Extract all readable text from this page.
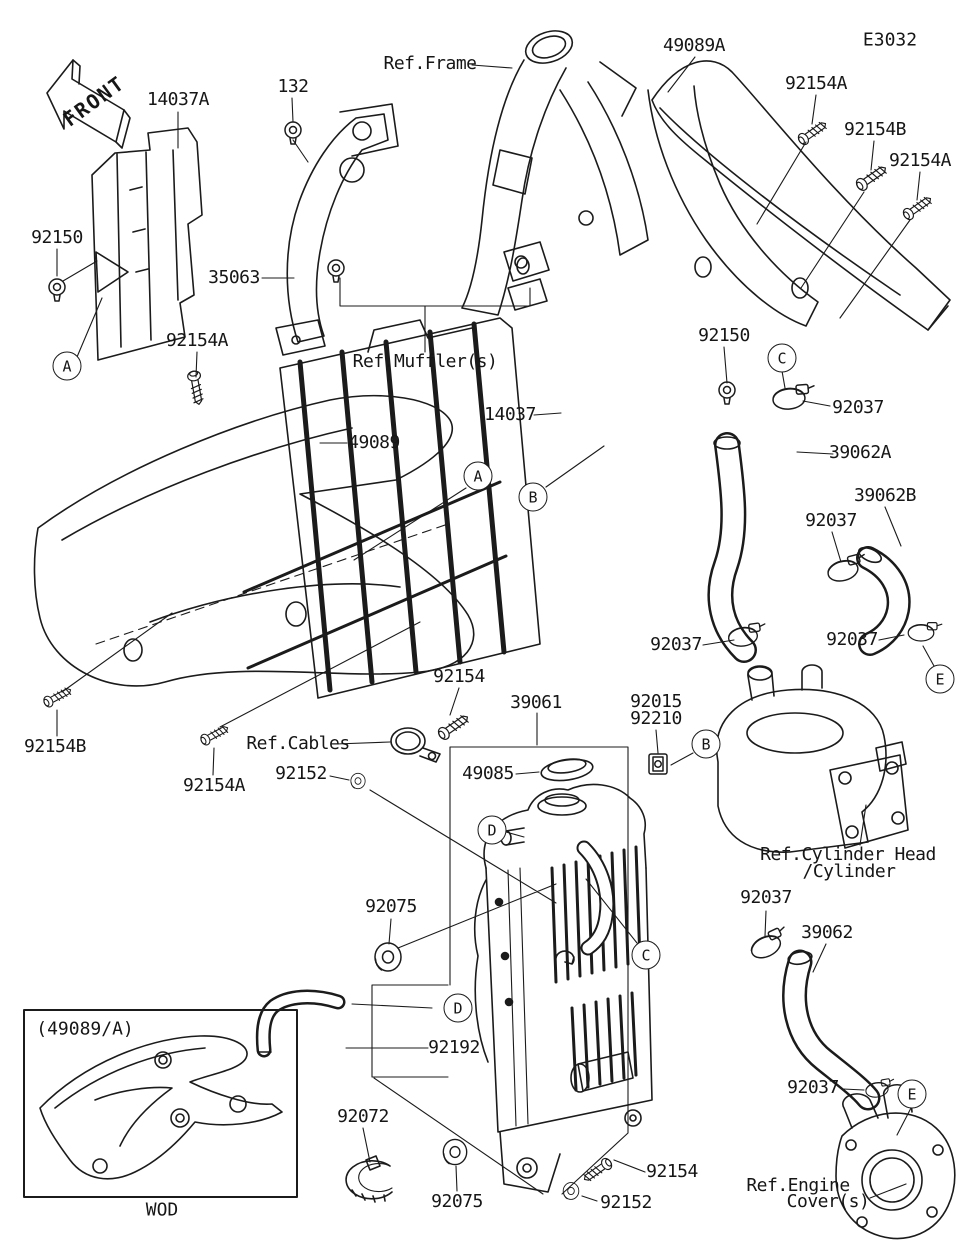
14037A
132
Ref.Frame
49089A
92154A
92154B
92154A
92150
35063
92154A
Ref.Muffler(s)
92150
92037
14037
39062A
49089
39062B
92037
92037	92037
92154
39061	92015
92210
92154B	Ref.Cables
92152	49085
92154A
Ref.Cylinder Head
/Cylinder
92075	92037
39062
92192
92072
92037
92154
92075	92152
Ref.Engine
Cover(s)
A
A
B
B
C
C
D
D
E
E
FRONT
E3032
(49089/A)
WOD
